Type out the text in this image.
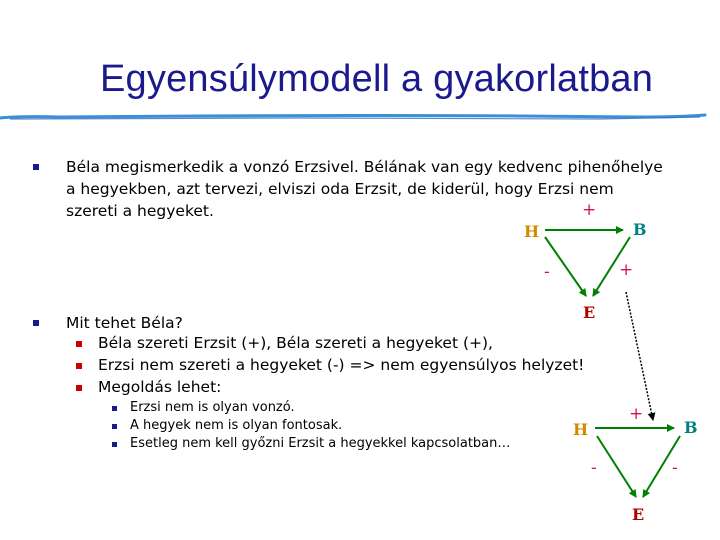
Egyensúlymodell a gyakorlatban
Béla megismerkedik a vonzó Erzsivel. Bélának van egy kedvenc pihenőhelye
a hegyekben, azt tervezi, elviszi oda Erzsit, de kiderül, hogy Erzsi nem
szereti a hegyeket.
Mit tehet Béla?
Béla szereti Erzsit (+), Béla szereti a hegyeket (+),
Erzsi nem szereti a hegyeket (-) => nem egyensúlyos helyzet!
Megoldás lehet:
Erzsi nem is olyan vonzó.
A hegyek nem is olyan fontosak.
Esetleg nem kell győzni Erzsit a hegyekkel kapcsolatban…
H	B
E
+
-	+
H	B
E
+
-	-
